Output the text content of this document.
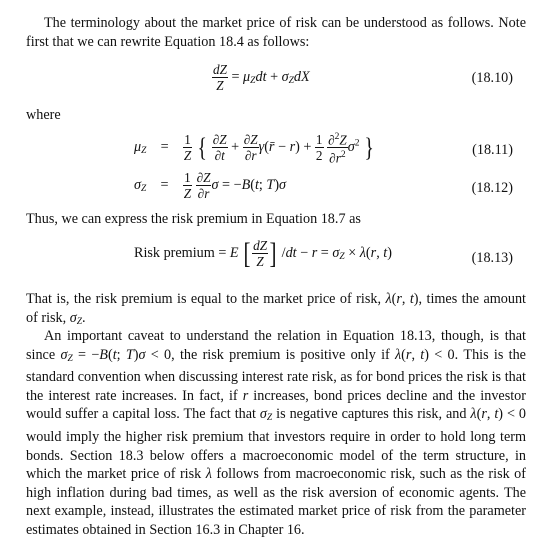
The terminology about the market price of risk can be understood as follows. Note first that we can rewrite Equation 18.4 as follows:

$\frac{dZ}{Z} = \mu_Zdt + \sigma_ZdX$	(18.10)

where

$\mu_Z$    = $\frac{1}{Z}$ { $\frac{\partial Z}{\partial t} + \frac{\partial Z}{\partial r}$ γ(r̄ − $r) + \frac{1}{2}$
$\frac{\partial^2Z}{\partial r^2} \sigma^2$ }	(18.11)
$\sigma_Z$    = $\frac{1}{Z}$
$\frac{\partial Z}{\partial r}$ σ = −B(t; T)σ	(18.12)

Thus, we can express the risk premium in Equation 18.7 as

Risk premium = E [ $\frac{dZ}{Z}$ ] $/dt - r = \sigma_Z \times \lambda(r$, t)	(18.13)

That is, the risk premium is equal to the market price of risk, λ(r, t), times the amount of risk, $\sigma_Z$.

An important caveat to understand the relation in Equation 18.13, though, is that since $\sigma_Z = -B(t$; T)σ < 0, the risk premium is positive only if λ(r, t) < 0. This is the standard convention when discussing interest rate risk, as for bond prices the risk is that the interest rate increases. In fact, if r increases, bond prices decline and the investor would suffer a capital loss. The fact that $\sigma_Z$ is negative captures this risk, and λ(r, t) < 0 would imply the higher risk premium that investors require in order to hold long term bonds. Section 18.3 below offers a macroeconomic model of the term structure, in which the market price of risk λ follows from macroeconomic risk, such as the risk of high inflation during bad times, as well as the risk aversion of economic agents. The next example, instead, illustrates the estimated market price of risk from the parameter estimates obtained in Section 16.3 in Chapter 16.
